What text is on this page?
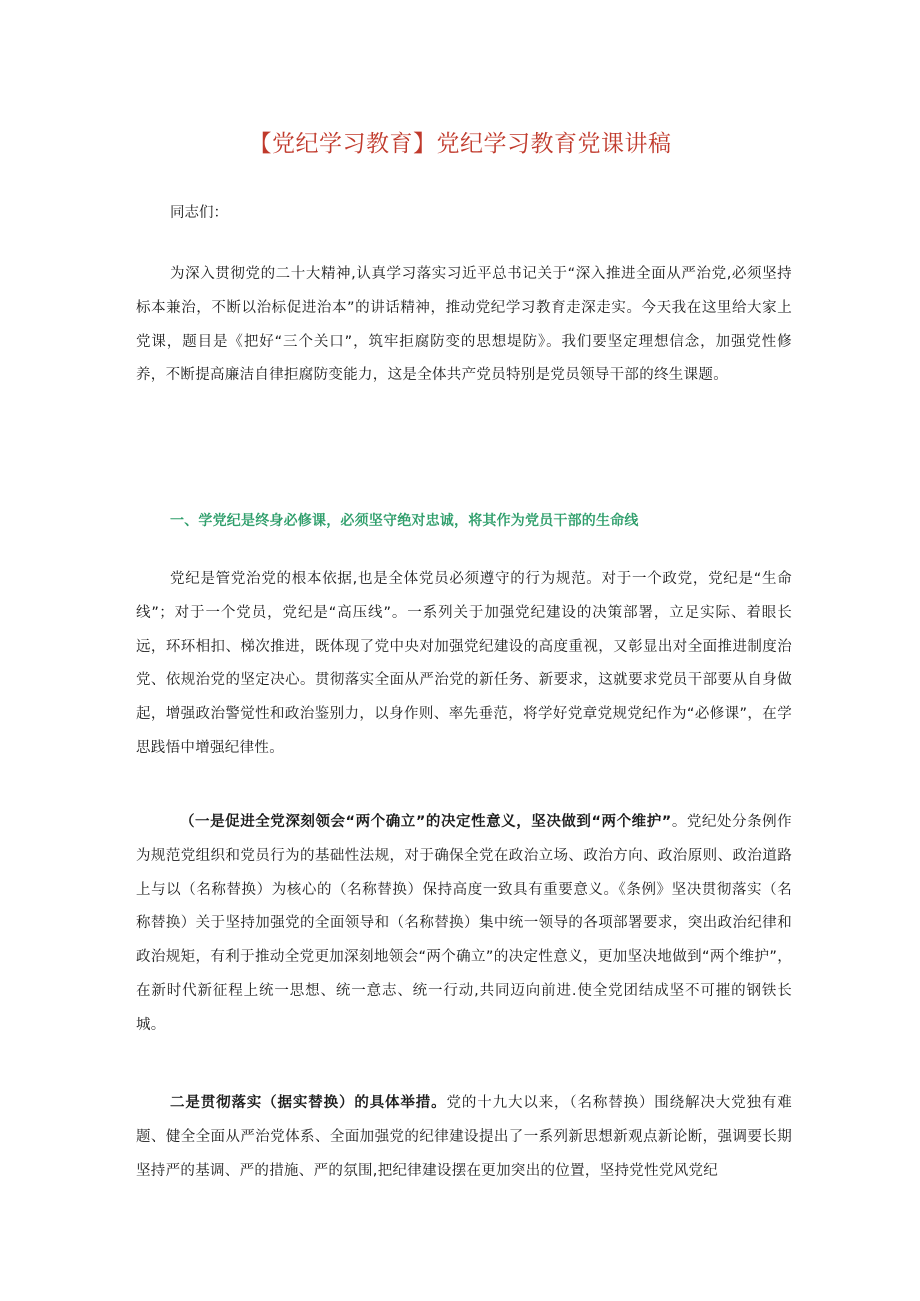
【党纪学习教育】党纪学习教育党课讲稿
同志们：
为深入贯彻党的二十大精神,认真学习落实习近平总书记关于“深入推进全面从严治党,必须坚持标本兼治，不断以治标促进治本”的讲话精神，推动党纪学习教育走深走实。今天我在这里给大家上党课，题目是《把好“三个关口”，筑牢拒腐防变的思想堤防》。我们要坚定理想信念，加强党性修养，不断提高廉洁自律拒腐防变能力，这是全体共产党员特别是党员领导干部的终生课题。
一、学党纪是终身必修课，必须坚守绝对忠诚，将其作为党员干部的生命线
党纪是管党治党的根本依据,也是全体党员必须遵守的行为规范。对于一个政党，党纪是“生命线”；对于一个党员，党纪是“高压线”。一系列关于加强党纪建设的决策部署，立足实际、着眼长远，环环相扣、梯次推进，既体现了党中央对加强党纪建设的高度重视，又彰显出对全面推进制度治党、依规治党的坚定决心。贯彻落实全面从严治党的新任务、新要求，这就要求党员干部要从自身做起，增强政治警觉性和政治鉴别力，以身作则、率先垂范，将学好党章党规党纪作为“必修课”，在学思践悟中增强纪律性。
（一是促进全党深刻领会“两个确立”的决定性意义，坚决做到“两个维护”。党纪处分条例作为规范党组织和党员行为的基础性法规，对于确保全党在政治立场、政治方向、政治原则、政治道路上与以（名称替换）为核心的（名称替换）保持高度一致具有重要意义。《条例》坚决贯彻落实（名称替换）关于坚持加强党的全面领导和（名称替换）集中统一领导的各项部署要求，突出政治纪律和政治规矩，有利于推动全党更加深刻地领会“两个确立”的决定性意义，更加坚决地做到“两个维护”，在新时代新征程上统一思想、统一意志、统一行动,共同迈向前进.使全党团结成坚不可摧的钢铁长城。
二是贯彻落实（据实替换）的具体举措。党的十九大以来，（名称替换）围绕解决大党独有难题、健全全面从严治党体系、全面加强党的纪律建设提出了一系列新思想新观点新论断，强调要长期坚持严的基调、严的措施、严的氛围,把纪律建设摆在更加突出的位置，坚持党性党风党纪
